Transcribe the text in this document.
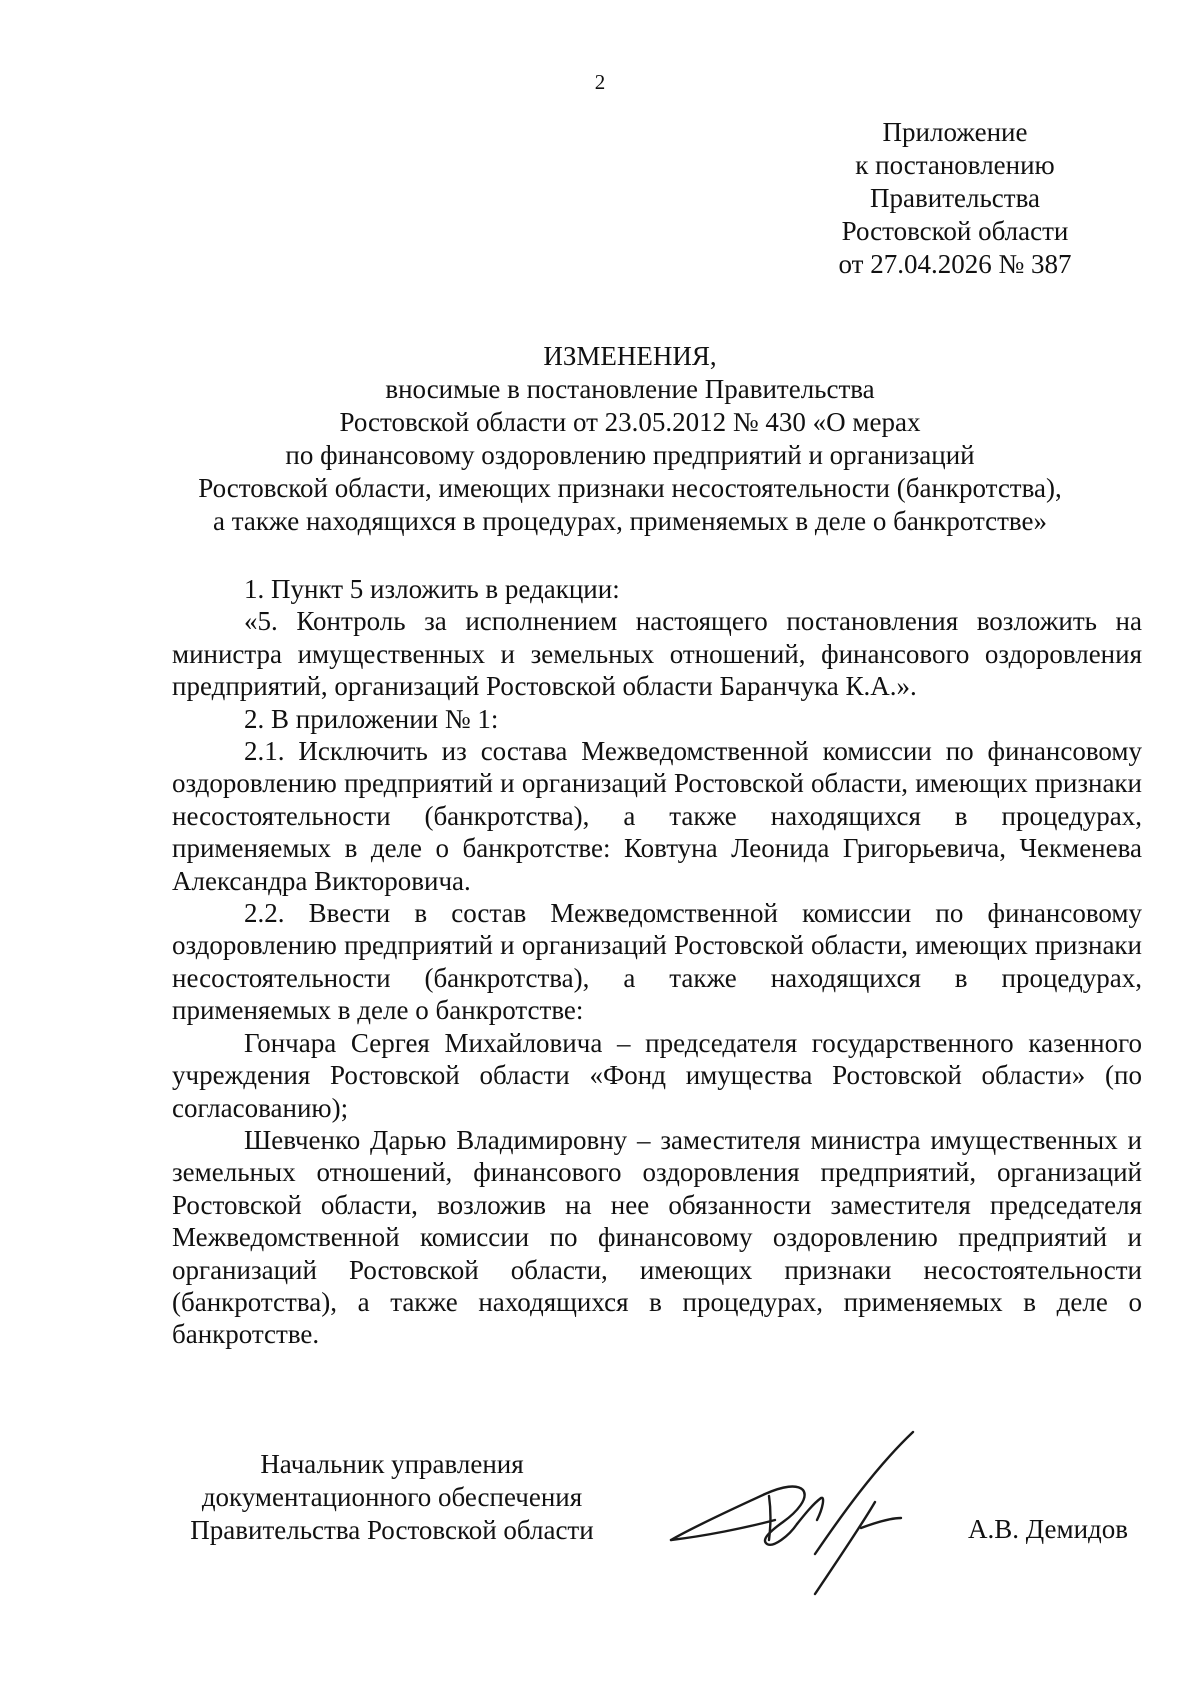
2
Приложение
к постановлению
Правительства
Ростовской области
от 27.04.2026 № 387
ИЗМЕНЕНИЯ,
вносимые в постановление Правительства
Ростовской области от 23.05.2012 № 430 «О мерах
по финансовому оздоровлению предприятий и организаций
Ростовской области, имеющих признаки несостоятельности (банкротства),
а также находящихся в процедурах, применяемых в деле о банкротстве»

1. Пункт 5 изложить в редакции:

«5. Контроль за исполнением настоящего постановления возложить на министра имущественных и земельных отношений, финансового оздоровления предприятий, организаций Ростовской области Баранчука К.А.».

2. В приложении № 1:

2.1. Исключить из состава Межведомственной комиссии по финансовому оздоровлению предприятий и организаций Ростовской области, имеющих признаки несостоятельности (банкротства), а также находящихся в процедурах, применяемых в деле о банкротстве: Ковтуна Леонида Григорьевича, Чекменева Александра Викторовича.

2.2. Ввести в состав Межведомственной комиссии по финансовому оздоровлению предприятий и организаций Ростовской области, имеющих признаки несостоятельности (банкротства), а также находящихся в процедурах, применяемых в деле о банкротстве:

Гончара Сергея Михайловича – председателя государственного казенного учреждения Ростовской области «Фонд имущества Ростовской области» (по согласованию);

Шевченко Дарью Владимировну – заместителя министра имущественных и земельных отношений, финансового оздоровления предприятий, организаций Ростовской области, возложив на нее обязанности заместителя председателя Межведомственной комиссии по финансовому оздоровлению предприятий и организаций Ростовской области, имеющих признаки несостоятельности (банкротства), а также находящихся в процедурах, применяемых в деле о банкротстве.

Начальник управления
документационного обеспечения
Правительства Ростовской области	А.В. Демидов
